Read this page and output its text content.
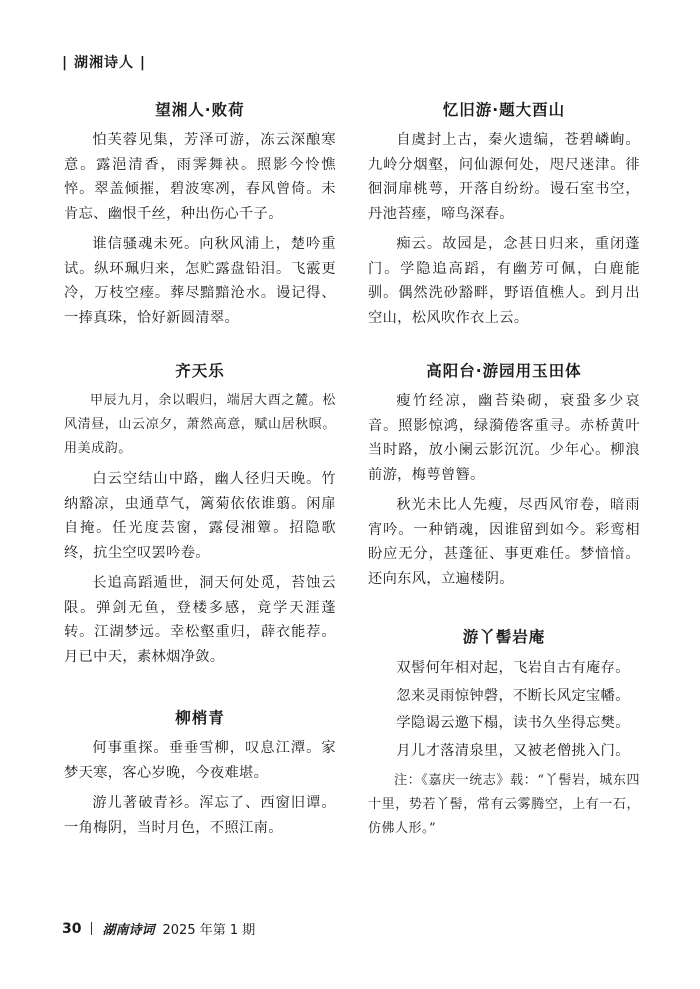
| 湖湘诗人 |
望湘人·败荷

怕芙蓉见集，芳泽可游，冻云深酿寒意。露浥清香，雨霁舞袂。照影今怜憔悴。翠盖倾摧，碧波寒冽，春风曾倚。未肯忘、幽恨千丝，种出伤心千子。

谁信骚魂未死。向秋风浦上，楚吟重试。纵环珮归来，怎贮露盘铅泪。飞霰更冷，万枝空瘗。葬尽黯黯沧水。谩记得、一捧真珠，恰好新圆清翠。

齐天乐

甲辰九月，余以暇归，端居大酉之麓。松风清昼，山云凉夕，萧然高意，赋山居秋暝。用美成韵。

白云空结山中路，幽人径归天晚。竹纳豁凉，虫通草气，篱菊依依谁翦。闲扉自掩。任光度芸窗，露侵湘簟。招隐歌终，抗尘空叹罢吟卷。

长追高蹈遁世，洞天何处觅，苔蚀云限。弹剑无鱼，登楼多感，竟学天涯蓬转。江湖梦远。幸松壑重归，薜衣能荐。月已中天，素林烟净敛。

柳梢青

何事重探。垂垂雪柳，叹息江潭。家梦天寒，客心岁晚，今夜难堪。

游儿著破青衫。浑忘了、西窗旧谭。一角梅阴，当时月色，不照江南。

忆旧游·题大酉山

自虞封上古，秦火遗编，苍碧嶙峋。九岭分烟壑，问仙源何处，咫尺迷津。徘徊洞扉桃萼，开落自纷纷。谩石室书空，丹池苔瘗，啼鸟深春。

痴云。故园是，念甚日归来，重闭蓬门。学隐追高蹈，有幽芳可佩，白鹿能驯。偶然洗砂豁畔，野语值樵人。到月出空山，松风吹作衣上云。

高阳台·游园用玉田体

瘦竹经凉，幽苔染砌，衰蛩多少哀音。照影惊鸿，绿漪倦客重寻。赤桥黄叶当时路，放小阑云影沉沉。少年心。柳浪前游，梅萼曾簪。

秋光未比人先瘦，尽西风帘卷，暗雨宵吟。一种销魂，因谁留到如今。彩鸾相盼应无分，甚蓬征、事更难任。梦愔愔。还向东风，立遍楼阴。

游丫髻岩庵

双髻何年相对起，飞岩自古有庵存。

忽来灵雨惊钟磬，不断长风定宝幡。

学隐谒云邀下榻，读书久坐得忘樊。

月儿才落清泉里，又被老僧挑入门。

注：《嘉庆一统志》载：“丫髻岩，城东四十里，势若丫髻，常有云雾腾空，上有一石，仿佛人形。”

30 湖南诗词 2025 年第 1 期
